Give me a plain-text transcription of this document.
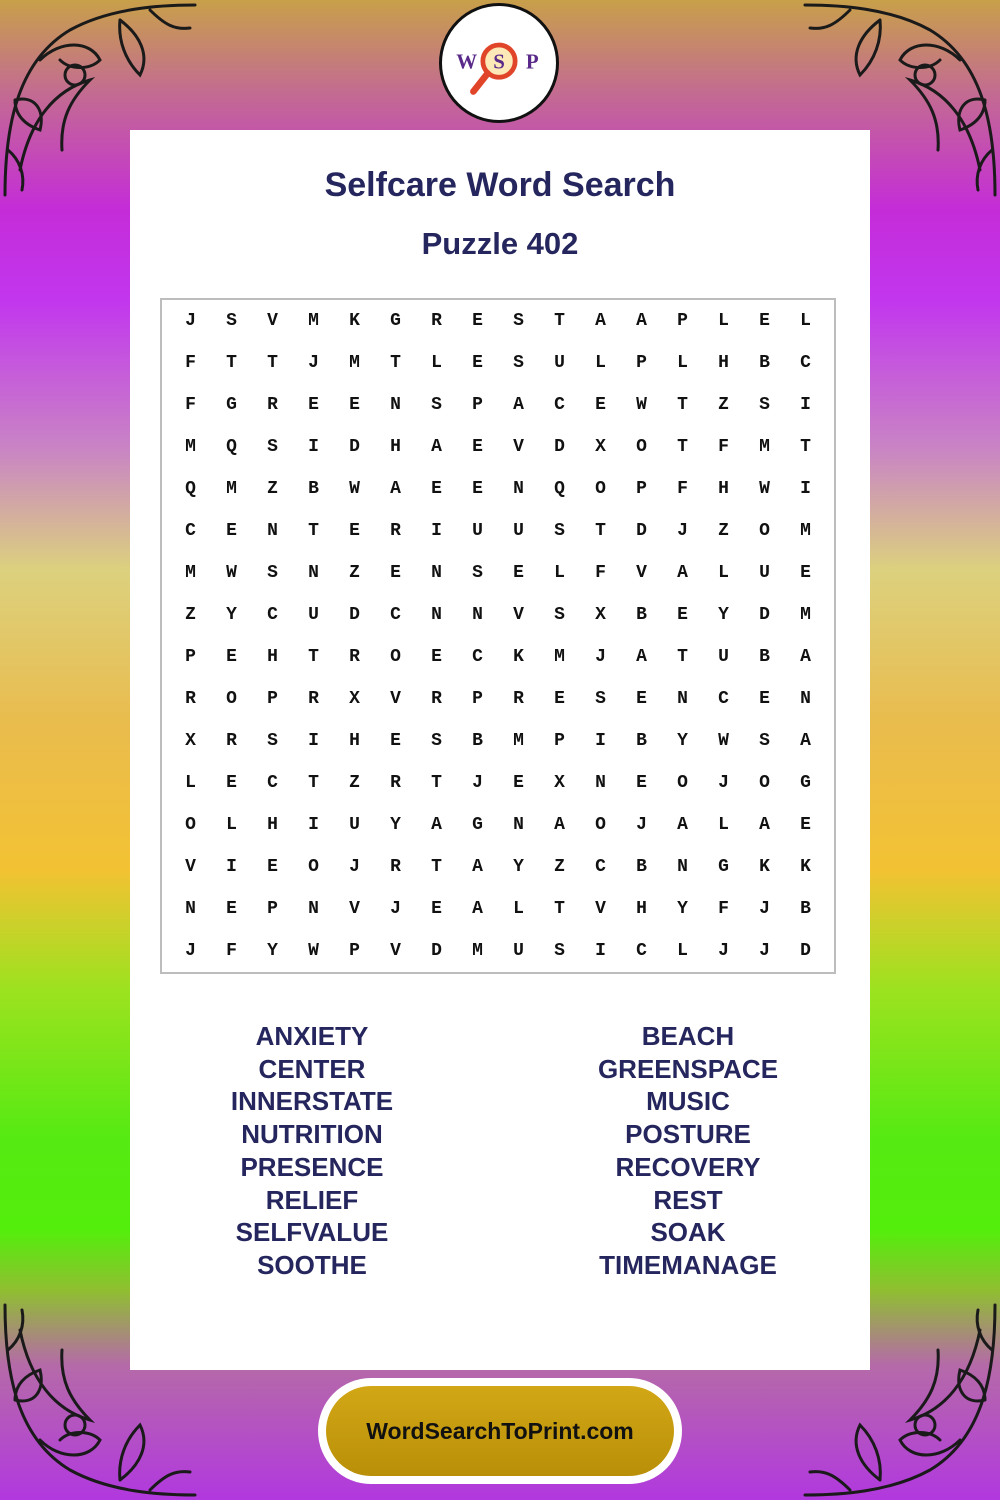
W S P
Selfcare Word Search
Puzzle 402
J	S	V	M	K	G	R	E	S	T	A	A	P	L	E	L
F	T	T	J	M	T	L	E	S	U	L	P	L	H	B	C
F	G	R	E	E	N	S	P	A	C	E	W	T	Z	S	I
M	Q	S	I	D	H	A	E	V	D	X	O	T	F	M	T
Q	M	Z	B	W	A	E	E	N	Q	O	P	F	H	W	I
C	E	N	T	E	R	I	U	U	S	T	D	J	Z	O	M
M	W	S	N	Z	E	N	S	E	L	F	V	A	L	U	E
Z	Y	C	U	D	C	N	N	V	S	X	B	E	Y	D	M
P	E	H	T	R	O	E	C	K	M	J	A	T	U	B	A
R	O	P	R	X	V	R	P	R	E	S	E	N	C	E	N
X	R	S	I	H	E	S	B	M	P	I	B	Y	W	S	A
L	E	C	T	Z	R	T	J	E	X	N	E	O	J	O	G
O	L	H	I	U	Y	A	G	N	A	O	J	A	L	A	E
V	I	E	O	J	R	T	A	Y	Z	C	B	N	G	K	K
N	E	P	N	V	J	E	A	L	T	V	H	Y	F	J	B
J	F	Y	W	P	V	D	M	U	S	I	C	L	J	J	D
ANXIETY
CENTER
INNERSTATE
NUTRITION
PRESENCE
RELIEF
SELFVALUE
SOOTHE
BEACH
GREENSPACE
MUSIC
POSTURE
RECOVERY
REST
SOAK
TIMEMANAGE
WordSearchToPrint.com
